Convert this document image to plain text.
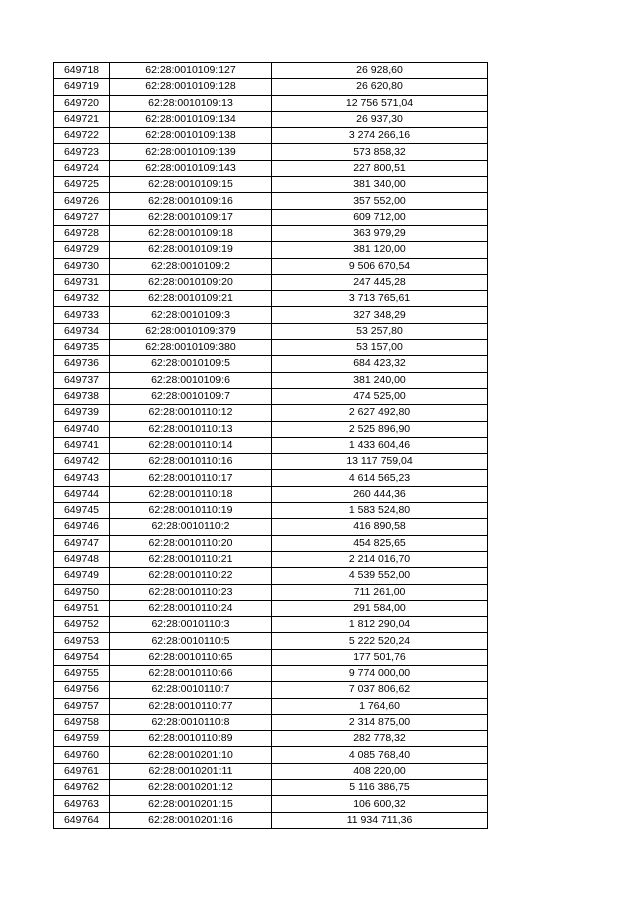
649718	62:28:0010109:127	26 928,60
649719	62:28:0010109:128	26 620,80
649720	62:28:0010109:13	12 756 571,04
649721	62:28:0010109:134	26 937,30
649722	62:28:0010109:138	3 274 266,16
649723	62:28:0010109:139	573 858,32
649724	62:28:0010109:143	227 800,51
649725	62:28:0010109:15	381 340,00
649726	62:28:0010109:16	357 552,00
649727	62:28:0010109:17	609 712,00
649728	62:28:0010109:18	363 979,29
649729	62:28:0010109:19	381 120,00
649730	62:28:0010109:2	9 506 670,54
649731	62:28:0010109:20	247 445,28
649732	62:28:0010109:21	3 713 765,61
649733	62:28:0010109:3	327 348,29
649734	62:28:0010109:379	53 257,80
649735	62:28:0010109:380	53 157,00
649736	62:28:0010109:5	684 423,32
649737	62:28:0010109:6	381 240,00
649738	62:28:0010109:7	474 525,00
649739	62:28:0010110:12	2 627 492,80
649740	62:28:0010110:13	2 525 896,90
649741	62:28:0010110:14	1 433 604,46
649742	62:28:0010110:16	13 117 759,04
649743	62:28:0010110:17	4 614 565,23
649744	62:28:0010110:18	260 444,36
649745	62:28:0010110:19	1 583 524,80
649746	62:28:0010110:2	416 890,58
649747	62:28:0010110:20	454 825,65
649748	62:28:0010110:21	2 214 016,70
649749	62:28:0010110:22	4 539 552,00
649750	62:28:0010110:23	711 261,00
649751	62:28:0010110:24	291 584,00
649752	62:28:0010110:3	1 812 290,04
649753	62:28:0010110:5	5 222 520,24
649754	62:28:0010110:65	177 501,76
649755	62:28:0010110:66	9 774 000,00
649756	62:28:0010110:7	7 037 806,62
649757	62:28:0010110:77	1 764,60
649758	62:28:0010110:8	2 314 875,00
649759	62:28:0010110:89	282 778,32
649760	62:28:0010201:10	4 085 768,40
649761	62:28:0010201:11	408 220,00
649762	62:28:0010201:12	5 116 386,75
649763	62:28:0010201:15	106 600,32
649764	62:28:0010201:16	11 934 711,36
